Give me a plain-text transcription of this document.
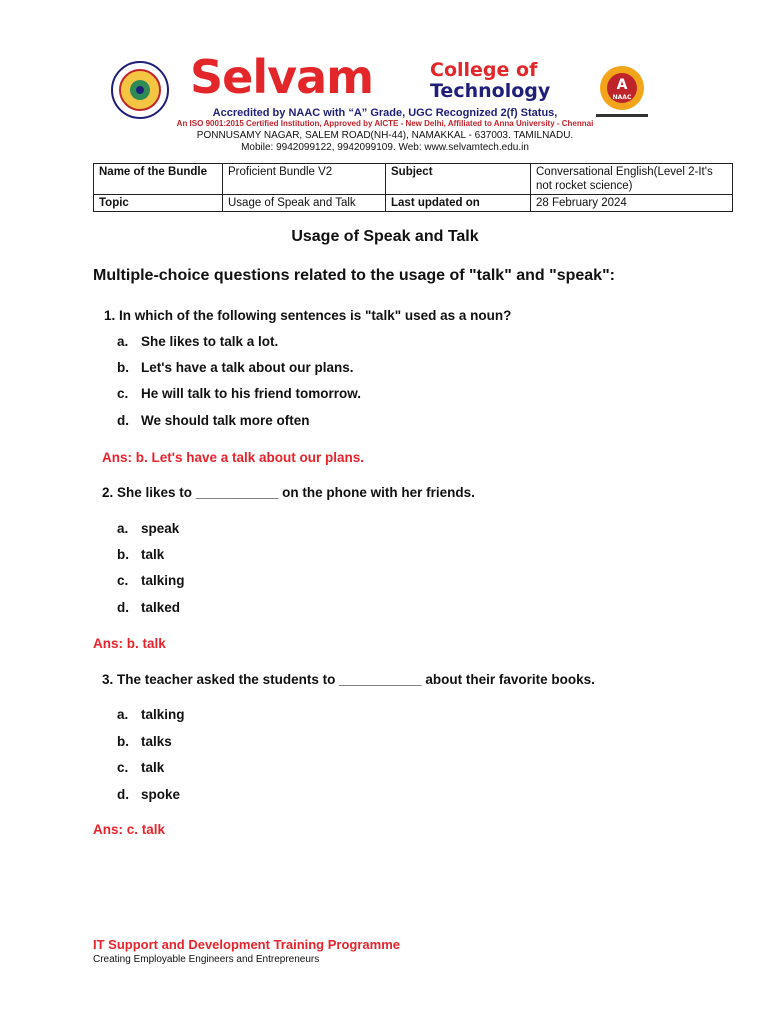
Selvam	College of
Technology	A
NAAC
Accredited by NAAC with “A” Grade, UGC Recognized 2(f) Status,
An ISO 9001:2015 Certified Institution, Approved by AICTE - New Delhi, Affiliated to Anna University - Chennai
PONNUSAMY NAGAR, SALEM ROAD(NH-44), NAMAKKAL - 637003. TAMILNADU.
Mobile: 9942099122, 9942099109. Web: www.selvamtech.edu.in
Name of the Bundle	Proficient Bundle V2	Subject	Conversational English(Level 2-It's not rocket science)
Topic	Usage of Speak and Talk	Last updated on	28 February 2024
Usage of Speak and Talk
Multiple-choice questions related to the usage of "talk" and "speak":
1. In which of the following sentences is "talk" used as a noun?
a. She likes to talk a lot.
b. Let's have a talk about our plans.
c. He will talk to his friend tomorrow.
d. We should talk more often
Ans: b. Let's have a talk about our plans.
2. She likes to ___________ on the phone with her friends.
a. speak
b. talk
c. talking
d. talked
Ans: b. talk
3. The teacher asked the students to ___________ about their favorite books.
a. talking
b. talks
c. talk
d. spoke
Ans: c. talk
IT Support and Development Training Programme
Creating Employable Engineers and Entrepreneurs
